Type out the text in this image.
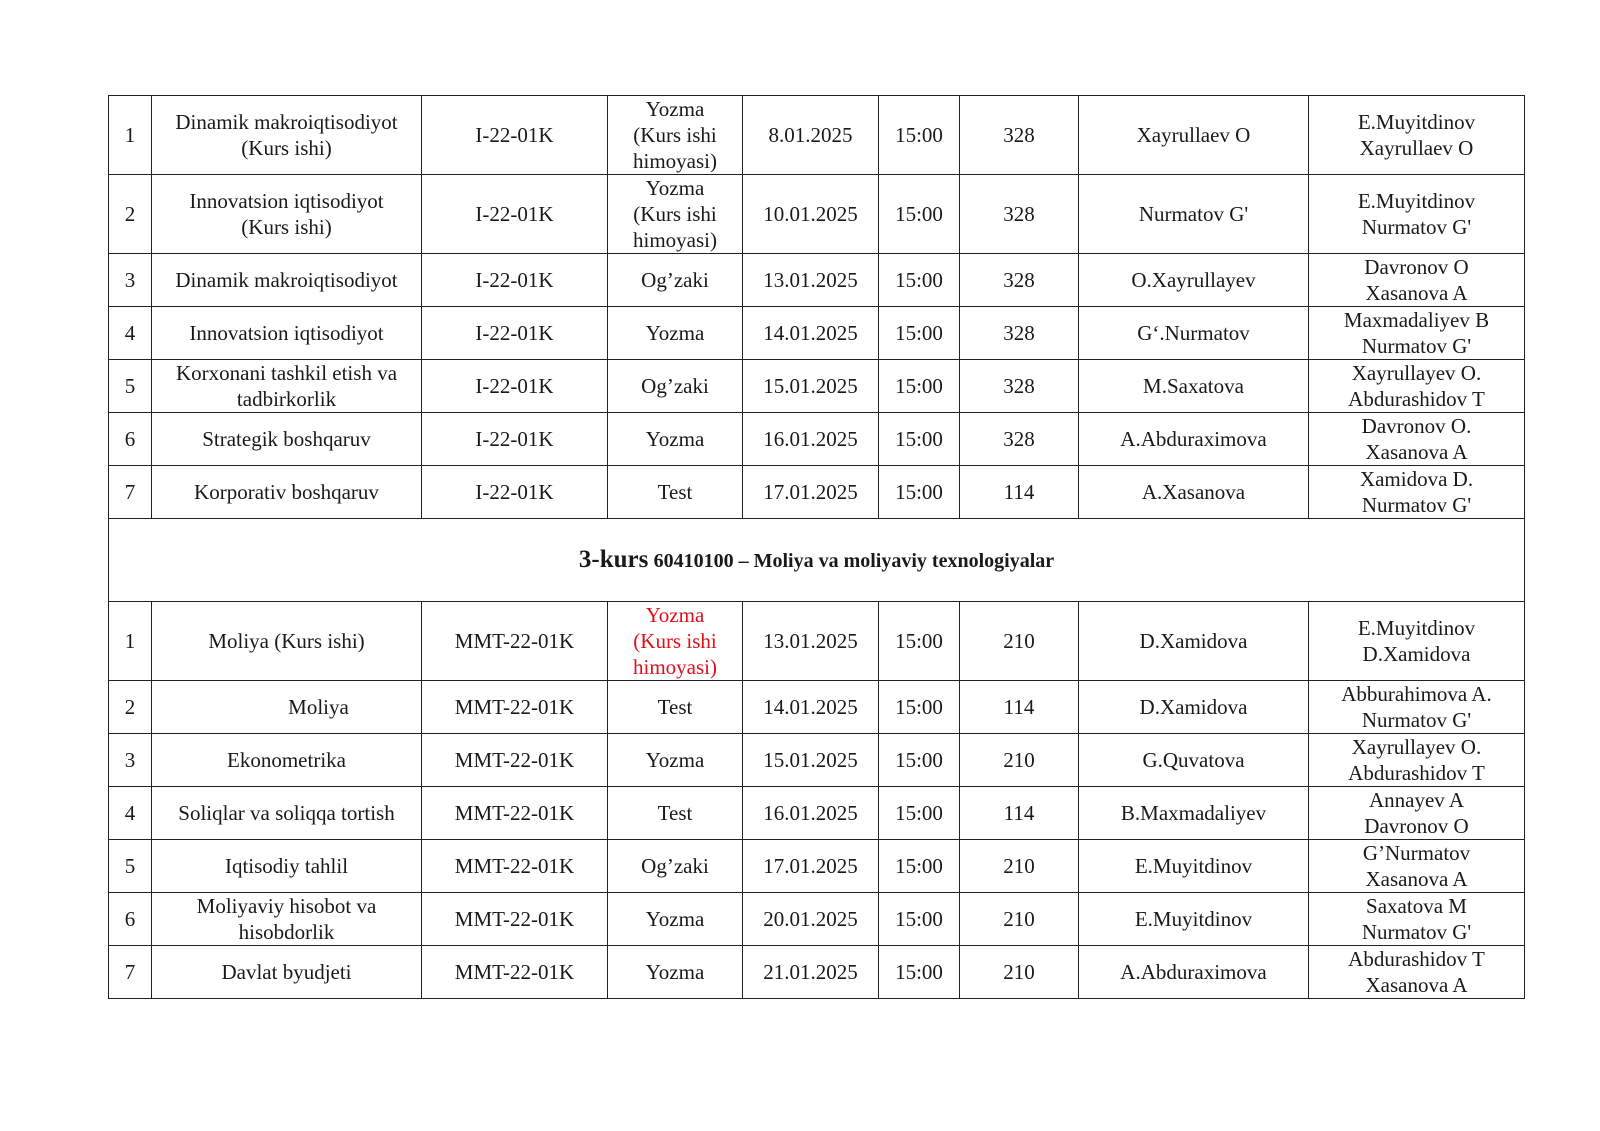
1	Dinamik makroiqtisodiyot
(Kurs ishi)	I-22-01K	Yozma
(Kurs ishi
himoyasi)	8.01.2025	15:00	328	Xayrullaev O	E.Muyitdinov
Xayrullaev O

2	Innovatsion iqtisodiyot
(Kurs ishi)	I-22-01K	Yozma
(Kurs ishi
himoyasi)	10.01.2025	15:00	328	Nurmatov G'	E.Muyitdinov
Nurmatov G'

3	Dinamik makroiqtisodiyot	I-22-01K	Og’zaki	13.01.2025	15:00	328	O.Xayrullayev	Davronov O
Xasanova A

4	Innovatsion iqtisodiyot	I-22-01K	Yozma	14.01.2025	15:00	328	G‘.Nurmatov	Maxmadaliyev B
Nurmatov G'

5	Korxonani tashkil etish va
tadbirkorlik	I-22-01K	Og’zaki	15.01.2025	15:00	328	M.Saxatova	Xayrullayev O.
Abdurashidov T

6	Strategik boshqaruv	I-22-01K	Yozma	16.01.2025	15:00	328	A.Abduraximova	Davronov O.
Xasanova A

7	Korporativ boshqaruv	I-22-01K	Test	17.01.2025	15:00	114	A.Xasanova	Xamidova D.
Nurmatov G'

3-kurs 60410100 – Moliya va moliyaviy texnologiyalar								
1	Moliya (Kurs ishi)	MMT-22-01K	Yozma
(Kurs ishi
himoyasi)	13.01.2025	15:00	210	D.Xamidova	E.Muyitdinov
D.Xamidova

2	Moliya	MMT-22-01K	Test	14.01.2025	15:00	114	D.Xamidova	Abburahimova A.
Nurmatov G'

3	Ekonometrika	MMT-22-01K	Yozma	15.01.2025	15:00	210	G.Quvatova	Xayrullayev O.
Abdurashidov T

4	Soliqlar va soliqqa tortish	MMT-22-01K	Test	16.01.2025	15:00	114	B.Maxmadaliyev	Annayev A
Davronov O

5	Iqtisodiy tahlil	MMT-22-01K	Og’zaki	17.01.2025	15:00	210	E.Muyitdinov	G’Nurmatov
Xasanova A

6	Moliyaviy hisobot va
hisobdorlik	MMT-22-01K	Yozma	20.01.2025	15:00	210	E.Muyitdinov	Saxatova M
Nurmatov G'

7	Davlat byudjeti	MMT-22-01K	Yozma	21.01.2025	15:00	210	A.Abduraximova	Abdurashidov T
Xasanova A
